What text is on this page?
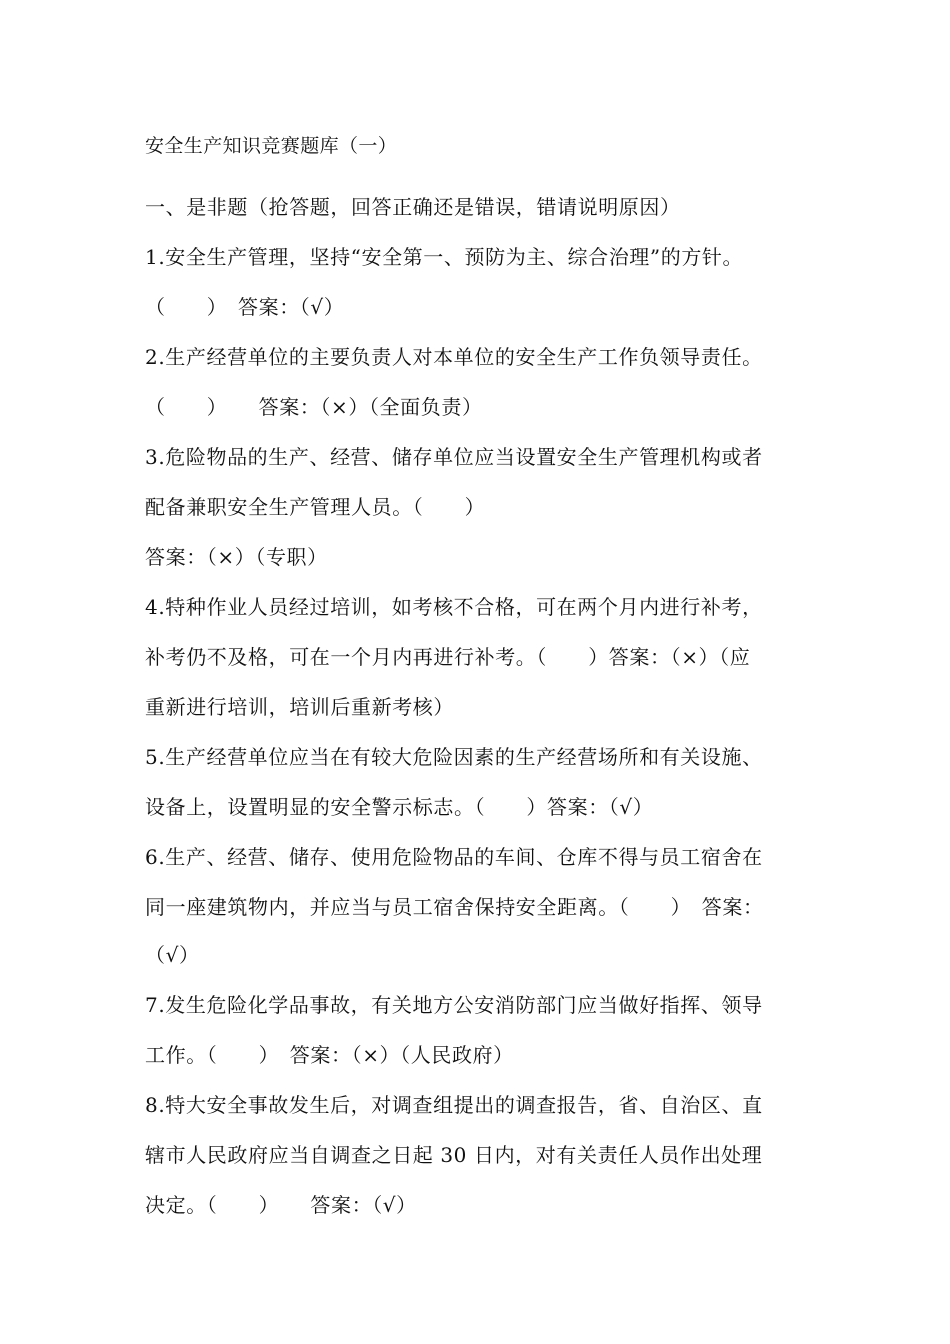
安全生产知识竞赛题库（一）
一、是非题（抢答题，回答正确还是错误，错请说明原因）
1.安全生产管理，坚持“安全第一、预防为主、综合治理”的方针。
（　　）　答案：（√）
2.生产经营单位的主要负责人对本单位的安全生产工作负领导责任。
（　　）　　答案：（×）（全面负责）
3.危险物品的生产、经营、储存单位应当设置安全生产管理机构或者
配备兼职安全生产管理人员。（　　）
答案：（×）（专职）
4.特种作业人员经过培训，如考核不合格，可在两个月内进行补考，
补考仍不及格，可在一个月内再进行补考。（　　）答案：（×）（应
重新进行培训，培训后重新考核）
5.生产经营单位应当在有较大危险因素的生产经营场所和有关设施、
设备上，设置明显的安全警示标志。（　　）答案：（√）
6.生产、经营、储存、使用危险物品的车间、仓库不得与员工宿舍在
同一座建筑物内，并应当与员工宿舍保持安全距离。（　　）　答案：
（√）
7.发生危险化学品事故，有关地方公安消防部门应当做好指挥、领导
工作。（　　）　答案：（×）（人民政府）
8.特大安全事故发生后，对调查组提出的调查报告，省、自治区、直
辖市人民政府应当自调查之日起 30 日内，对有关责任人员作出处理
决定。（　　）　　答案：（√）
